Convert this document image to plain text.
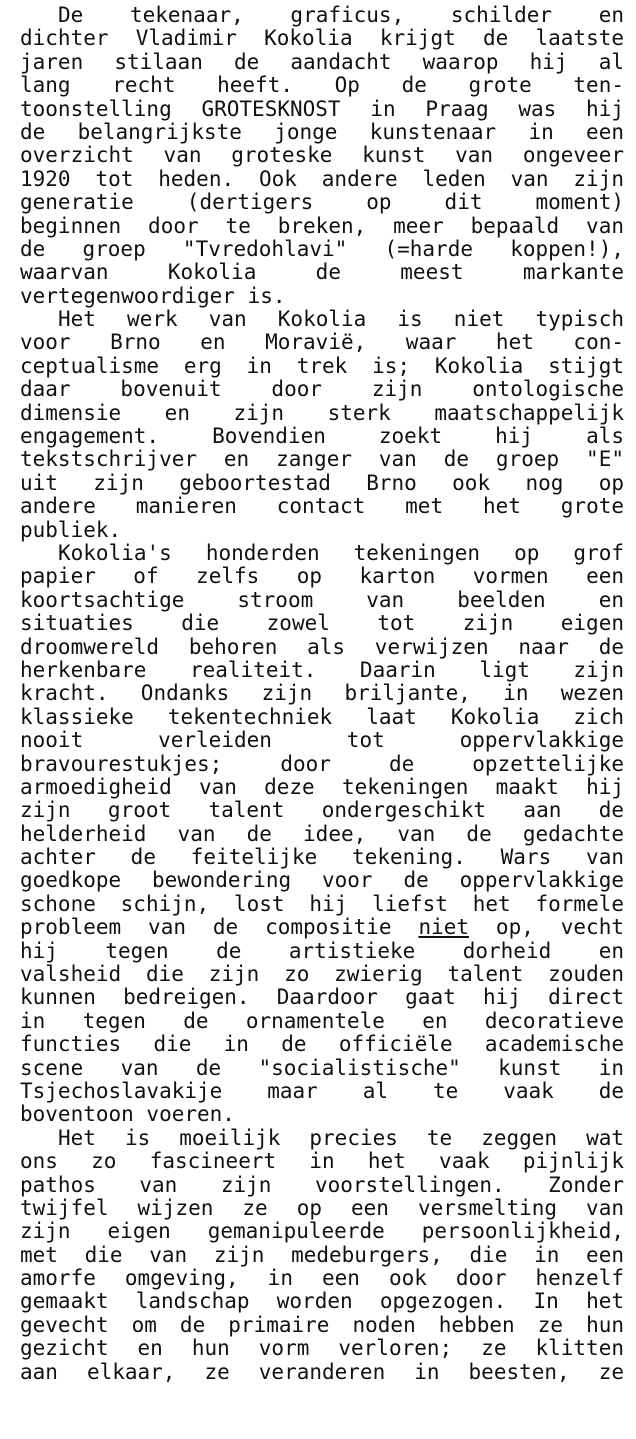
De tekenaar, graficus, schilder en
dichter Vladimir Kokolia krijgt de laatste
jaren stilaan de aandacht waarop hij al
lang recht heeft. Op de grote ten-
toonstelling GROTESKNOST in Praag was hij
de belangrijkste jonge kunstenaar in een
overzicht van groteske kunst van ongeveer
1920 tot heden. Ook andere leden van zijn
generatie (dertigers op dit moment)
beginnen door te breken, meer bepaald van
de groep "Tvredohlavi" (=harde koppen!),
waarvan Kokolia de meest markante
vertegenwoordiger is.
Het werk van Kokolia is niet typisch
voor Brno en Moraviё, waar het con-
ceptualisme erg in trek is; Kokolia stijgt
daar bovenuit door zijn ontologische
dimensie en zijn sterk maatschappelijk
engagement. Bovendien zoekt hij als
tekstschrijver en zanger van de groep "E"
uit zijn geboortestad Brno ook nog op
andere manieren contact met het grote
publiek.
Kokolia's honderden tekeningen op grof
papier of zelfs op karton vormen een
koortsachtige stroom van beelden en
situaties die zowel tot zijn eigen
droomwereld behoren als verwijzen naar de
herkenbare realiteit. Daarin ligt zijn
kracht. Ondanks zijn briljante, in wezen
klassieke tekentechniek laat Kokolia zich
nooit verleiden tot oppervlakkige
bravourestukjes; door de opzettelijke
armoedigheid van deze tekeningen maakt hij
zijn groot talent ondergeschikt aan de
helderheid van de idee, van de gedachte
achter de feitelijke tekening. Wars van
goedkope bewondering voor de oppervlakkige
schone schijn, lost hij liefst het formele
probleem van de compositie niet op, vecht
hij tegen de artistieke dorheid en
valsheid die zijn zo zwierig talent zouden
kunnen bedreigen. Daardoor gaat hij direct
in tegen de ornamentele en decoratieve
functies die in de officiёle academische
scene van de "socialistische" kunst in
Tsjechoslavakije maar al te vaak de
boventoon voeren.
Het is moeilijk precies te zeggen wat
ons zo fascineert in het vaak pijnlijk
pathos van zijn voorstellingen. Zonder
twijfel wijzen ze op een versmelting van
zijn eigen gemanipuleerde persoonlijkheid,
met die van zijn medeburgers, die in een
amorfe omgeving, in een ook door henzelf
gemaakt landschap worden opgezogen. In het
gevecht om de primaire noden hebben ze hun
gezicht en hun vorm verloren; ze klitten
aan elkaar, ze veranderen in beesten, ze
